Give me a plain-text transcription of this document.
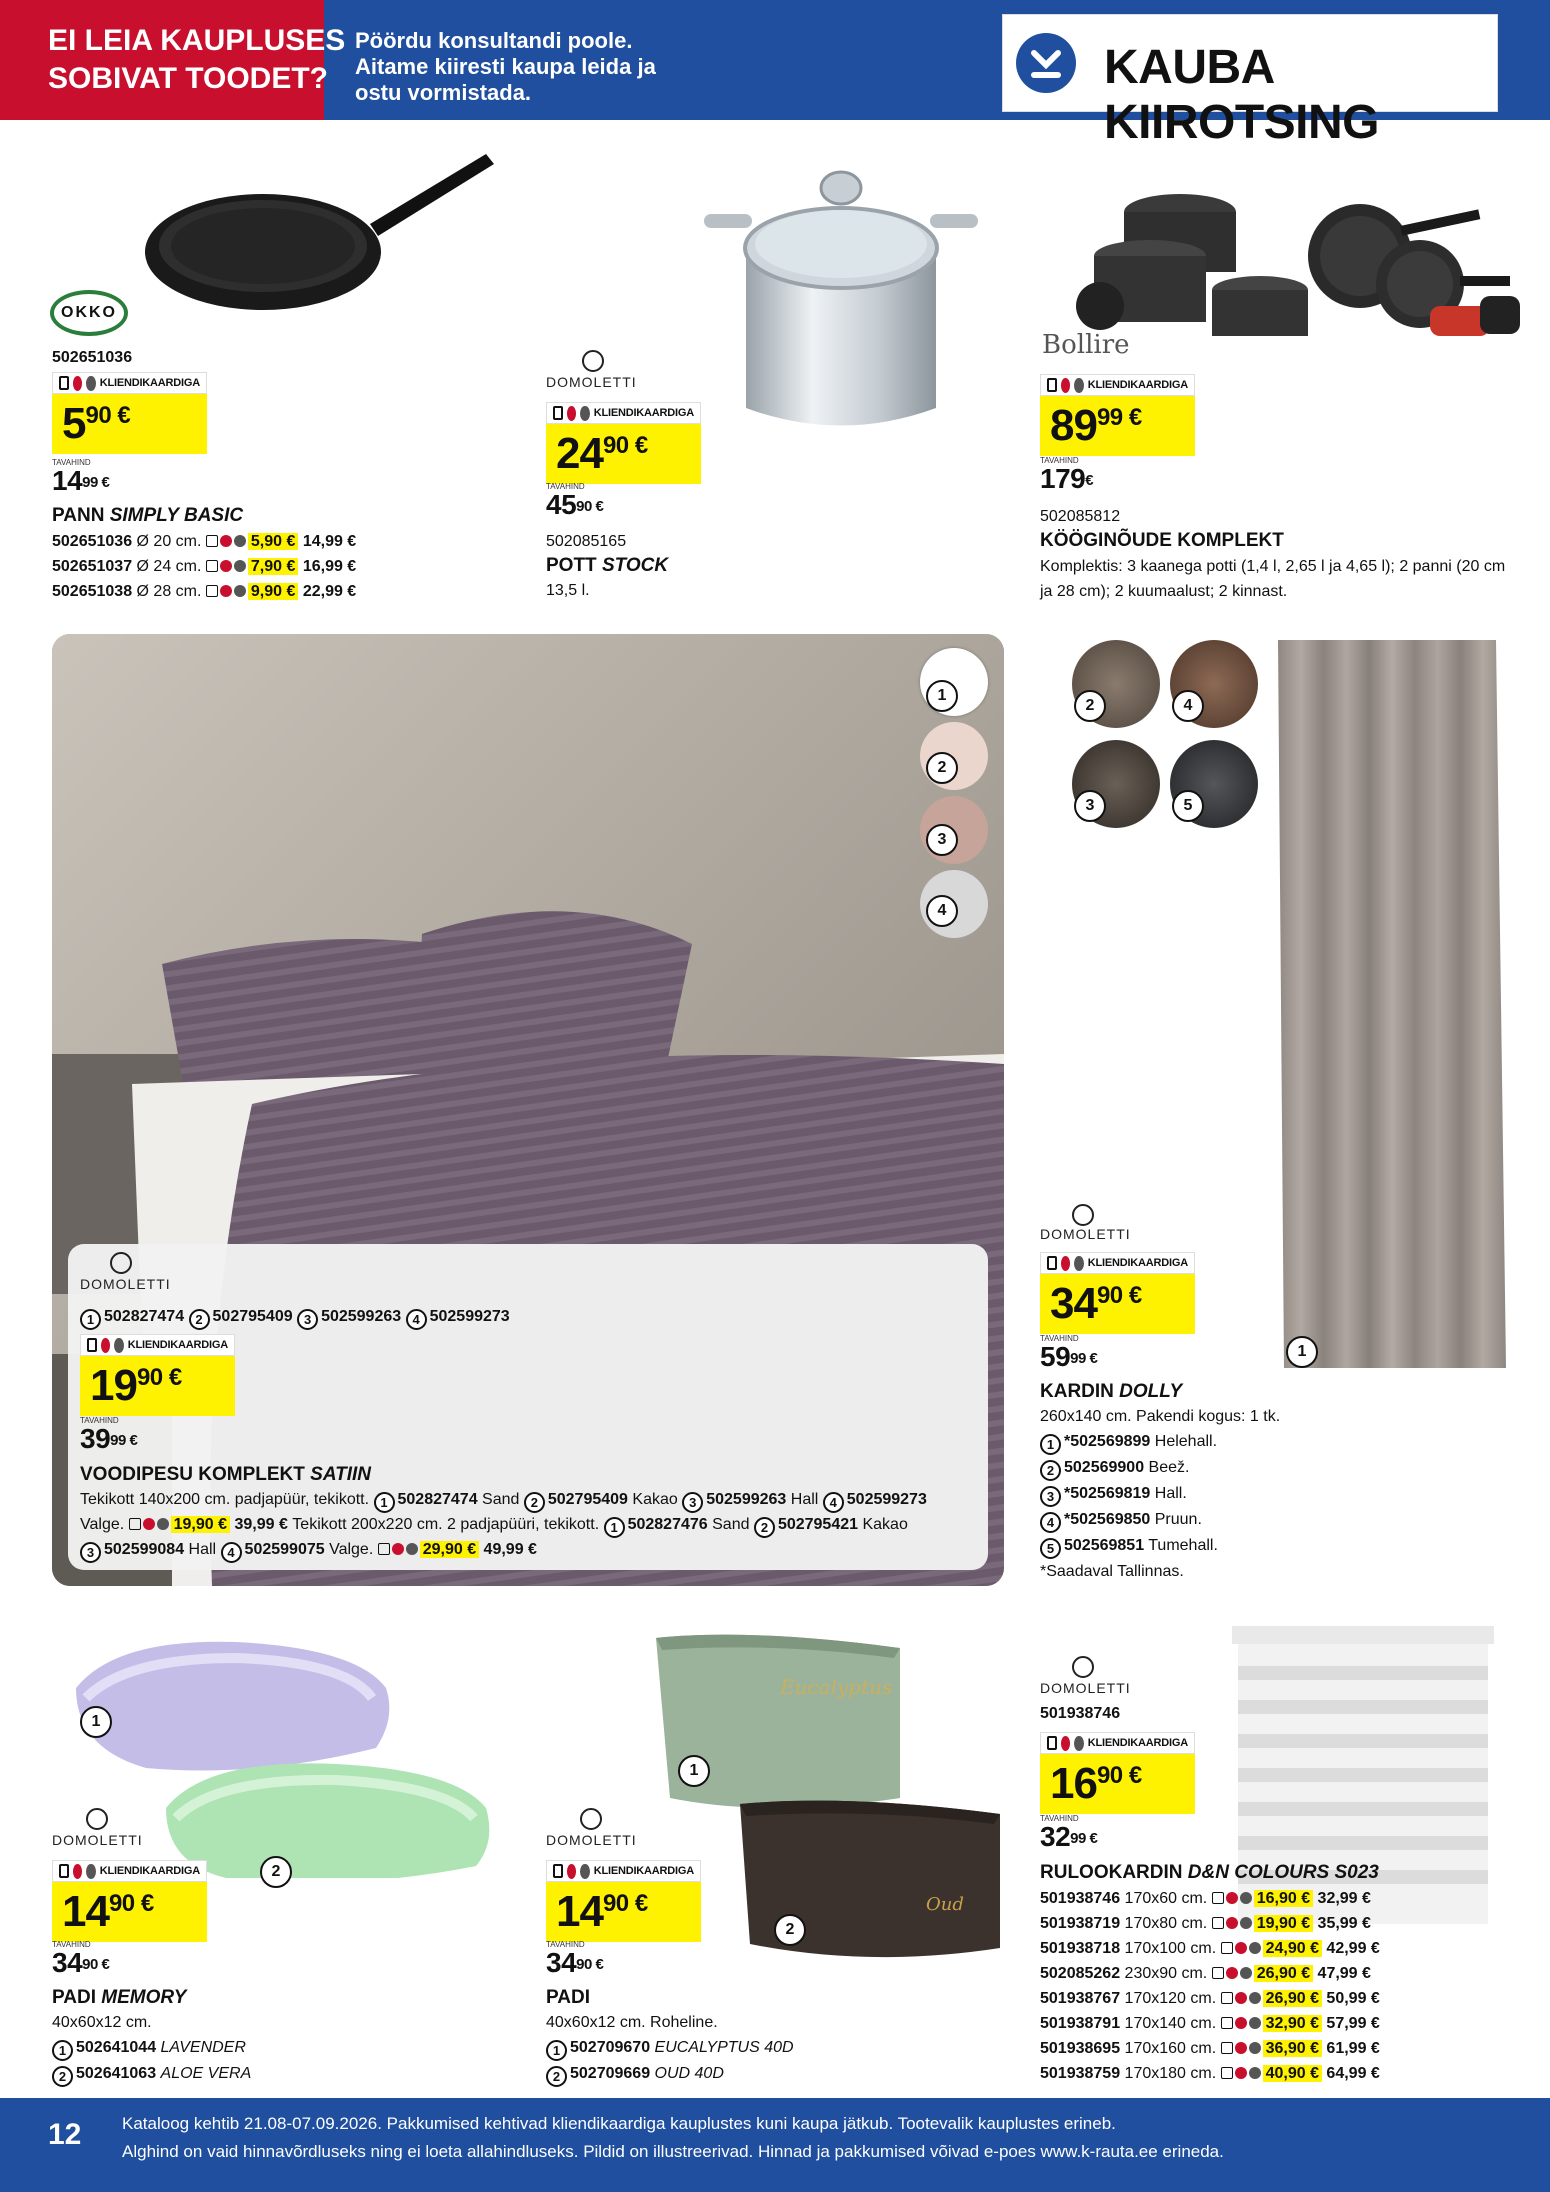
EI LEIA KAUPLUSES
SOBIVAT TOODET?
Pöördu konsultandi poole.
Aitame kiiresti kaupa leida ja
ostu vormistada.	KAUBA KIIROTSING
OKKO
502651036
KLIENDIKAARDIGA
5 90 €
TAVAHIND
$14^{99 €}$
PANN SIMPLY BASIC
502651036 Ø 20 cm.	5,90 € 14,99 €
502651037 Ø 24 cm.	7,90 € 16,99 €
502651038 Ø 28 cm.	9,90 € 22,99 €
DOMOLETTI
KLIENDIKAARDIGA
24 90 €
TAVAHIND
$45^{90 €}$
502085165
POTT STOCK
13,5 l.
Bollire
KLIENDIKAARDIGA
89 99 €
TAVAHIND
179€
502085812
KÖÖGINÕUDE KOMPLEKT
Komplektis: 3 kaanega potti (1,4 l, 2,65 l ja 4,65 l); 2 panni (20 cm
ja 28 cm); 2 kuumaalust; 2 kinnast.
1
2
3
4
DOMOLETTI
1 502827474 2 502795409 3 502599263 4 502599273
KLIENDIKAARDIGA
19 90 €
TAVAHIND
$39^{99 €}$
VOODIPESU KOMPLEKT SATIIN
Tekikott 140x200 cm. padjapüür, tekikott. 1 502827474 Sand 2 502795409 Kakao 3 502599263 Hall 4 502599273
Valge.	19,90 € 39,99 € Tekikott 200x220 cm. 2 padjapüüri, tekikott. 1 502827476 Sand 2 502795421 Kakao
3 502599084 Hall 4 502599075 Valge.	29,90 € 49,99 €
2	4
3	5
1
DOMOLETTI
KLIENDIKAARDIGA
34 90 €
TAVAHIND
$59^{99 €}$
KARDIN DOLLY
260x140 cm. Pakendi kogus: 1 tk.
1 *502569899 Helehall.
2 502569900 Beež.
3 *502569819 Hall.
4 *502569850 Pruun.
5 502569851 Tumehall.
*Saadaval Tallinnas.
1
2
DOMOLETTI
KLIENDIKAARDIGA
14 90 €
TAVAHIND
$34^{90 €}$
PADI MEMORY
40x60x12 cm.
1 502641044 LAVENDER
2 502641063 ALOE VERA
Eucalyptus
Oud
1
2
DOMOLETTI
KLIENDIKAARDIGA
14 90 €
TAVAHIND
$34^{90 €}$
PADI
40x60x12 cm. Roheline.
1 502709670 EUCALYPTUS 40D
2 502709669 OUD 40D
DOMOLETTI
501938746
KLIENDIKAARDIGA
16 90 €
TAVAHIND
$32^{99 €}$
RULOOKARDIN D&N COLOURS S023
501938746 170x60 cm.	16,90 € 32,99 €
501938719 170x80 cm.	19,90 € 35,99 €
501938718 170x100 cm.	24,90 € 42,99 €
502085262 230x90 cm.	26,90 € 47,99 €
501938767 170x120 cm.	26,90 € 50,99 €
501938791 170x140 cm.	32,90 € 57,99 €
501938695 170x160 cm.	36,90 € 61,99 €
501938759 170x180 cm.	40,90 € 64,99 €
12 Kataloog kehtib 21.08-07.09.2026. Pakkumised kehtivad kliendikaardiga kauplustes kuni kaupa jätkub. Tootevalik kauplustes erineb.
Alghind on vaid hinnavõrdluseks ning ei loeta allahindluseks. Pildid on illustreerivad. Hinnad ja pakkumised võivad e-poes www.k-rauta.ee erineda.
